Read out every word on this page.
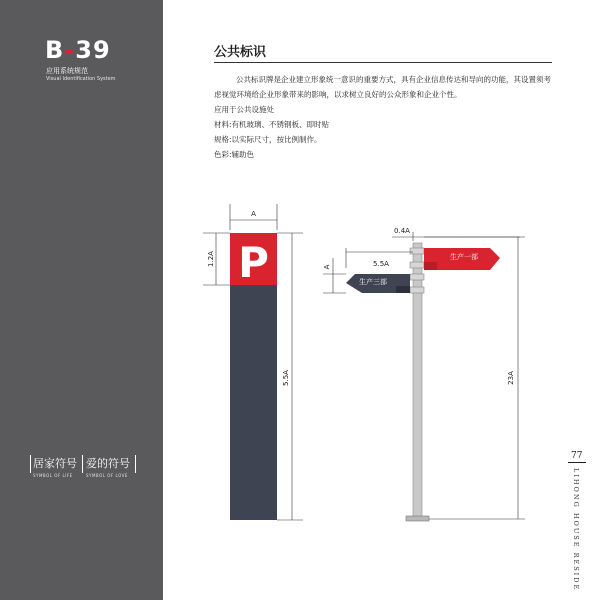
B-39
应用系统规范
Visual Identification System
居家符号
SYMBOL OF LIFE
爱的符号
SYMBOL OF LOVE
公共标识

公共标识牌是企业建立形象统一意识的重要方式，具有企业信息传达和导向的功能，其设置须考虑视觉环境给企业形象带来的影响，以求树立良好的公众形象和企业个性。

应用于公共设施处

材料:有机玻璃、不锈钢板、即时贴

规格:以实际尺寸，按比例制作。

色彩:辅助色

A
1.2A
5.5A
P	生产一部
生产三部
0.4A
5.5A
A
23A
77
LIHONG HOUSE RESIDE
